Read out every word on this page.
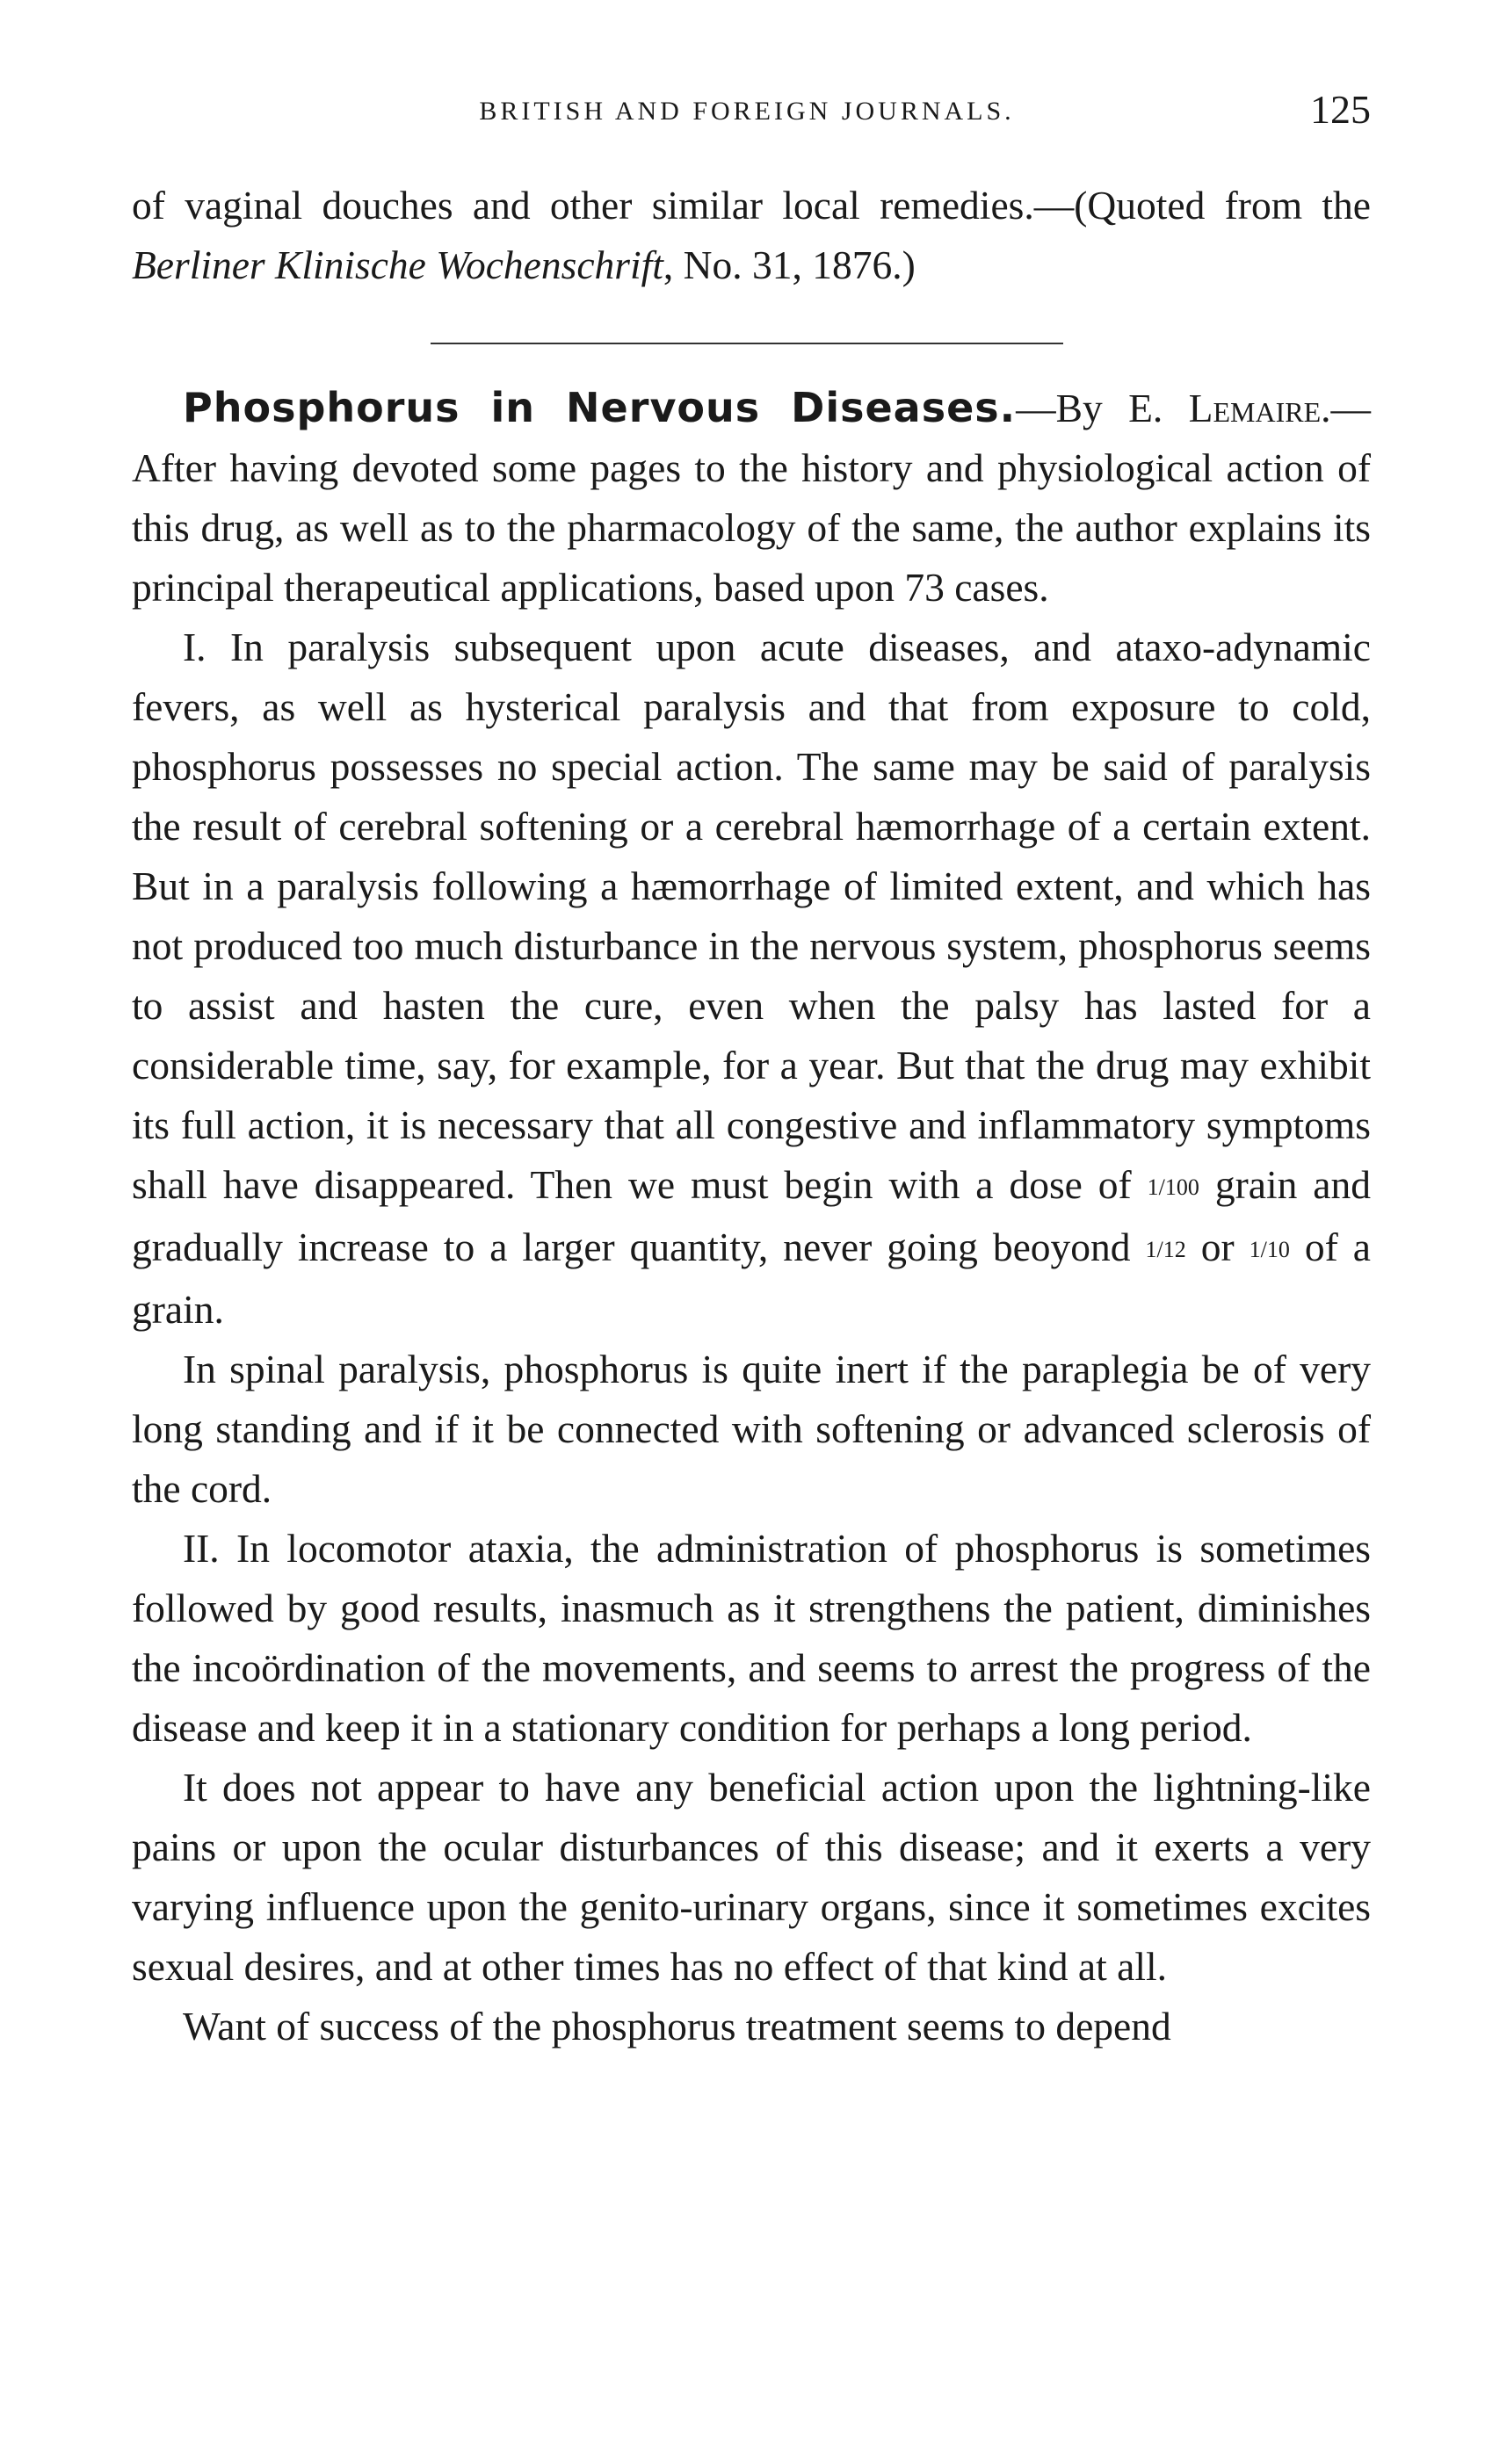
BRITISH AND FOREIGN JOURNALS.	125

of vaginal douches and other similar local remedies.—(Quoted from the Berliner Klinische Wochenschrift, No. 31, 1876.)

Phosphorus in Nervous Diseases.—By E. Lemaire.—After having devoted some pages to the history and physiological action of this drug, as well as to the pharmacology of the same, the author explains its principal therapeutical applications, based upon 73 cases.

I. In paralysis subsequent upon acute diseases, and ataxo-adynamic fevers, as well as hysterical paralysis and that from exposure to cold, phosphorus possesses no special action. The same may be said of paralysis the result of cerebral softening or a cerebral hæmorrhage of a certain extent. But in a paralysis following a hæmorrhage of limited extent, and which has not produced too much disturbance in the nervous system, phosphorus seems to assist and hasten the cure, even when the palsy has lasted for a considerable time, say, for example, for a year. But that the drug may exhibit its full action, it is necessary that all congestive and inflammatory symptoms shall have disappeared. Then we must begin with a dose of 1/100 grain and gradually increase to a larger quantity, never going beoyond 1/12 or 1/10 of a grain.

In spinal paralysis, phosphorus is quite inert if the paraplegia be of very long standing and if it be connected with softening or advanced sclerosis of the cord.

II. In locomotor ataxia, the administration of phosphorus is sometimes followed by good results, inasmuch as it strengthens the patient, diminishes the incoördination of the movements, and seems to arrest the progress of the disease and keep it in a stationary condition for perhaps a long period.

It does not appear to have any beneficial action upon the lightning-like pains or upon the ocular disturbances of this disease; and it exerts a very varying influence upon the genito-urinary organs, since it sometimes excites sexual desires, and at other times has no effect of that kind at all.

Want of success of the phosphorus treatment seems to depend
